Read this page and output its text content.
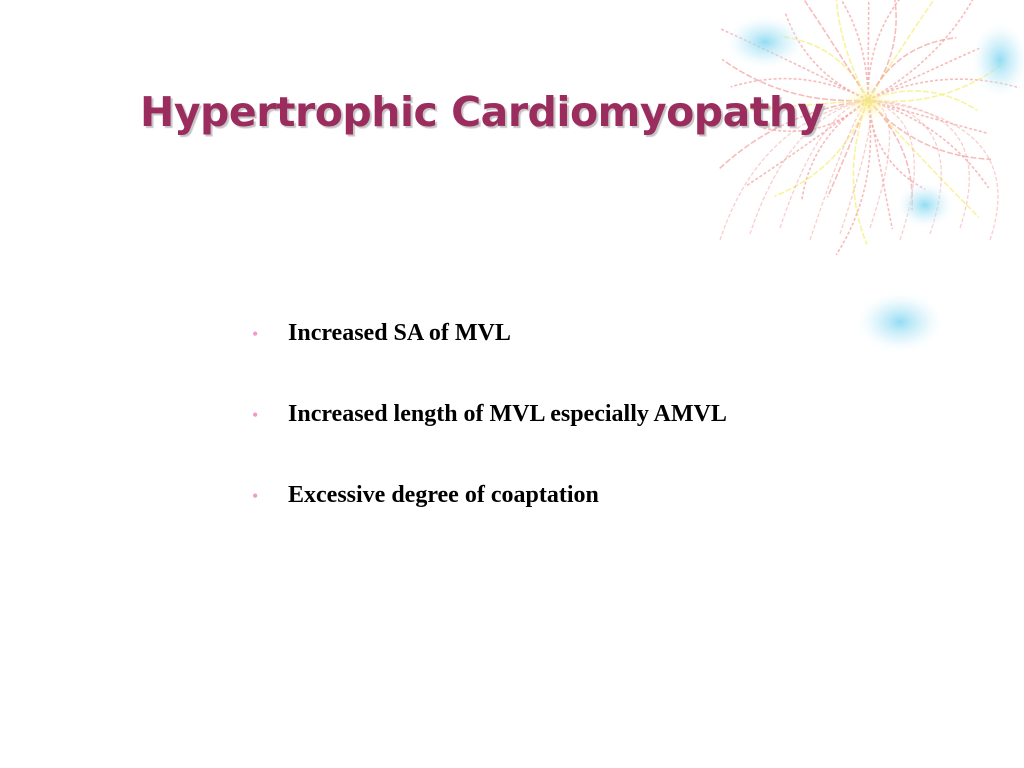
Hypertrophic Cardiomyopathy
•	Increased SA of MVL
•	Increased length of MVL especially AMVL
•	Excessive degree of coaptation
